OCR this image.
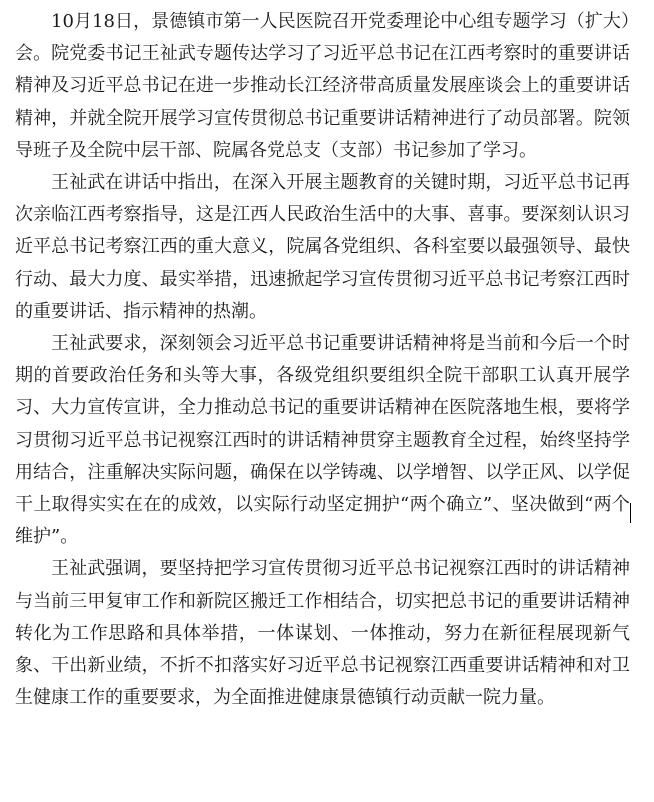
10月18日，景德镇市第一人民医院召开党委理论中心组专题学习（扩大）会。院党委书记王祉武专题传达学习了习近平总书记在江西考察时的重要讲话精神及习近平总书记在进一步推动长江经济带高质量发展座谈会上的重要讲话精神，并就全院开展学习宣传贯彻总书记重要讲话精神进行了动员部署。院领导班子及全院中层干部、院属各党总支（支部）书记参加了学习。

王祉武在讲话中指出，在深入开展主题教育的关键时期，习近平总书记再次亲临江西考察指导，这是江西人民政治生活中的大事、喜事。要深刻认识习近平总书记考察江西的重大意义，院属各党组织、各科室要以最强领导、最快行动、最大力度、最实举措，迅速掀起学习宣传贯彻习近平总书记考察江西时的重要讲话、指示精神的热潮。

王祉武要求，深刻领会习近平总书记重要讲话精神将是当前和今后一个时期的首要政治任务和头等大事，各级党组织要组织全院干部职工认真开展学习、大力宣传宣讲，全力推动总书记的重要讲话精神在医院落地生根，要将学习贯彻习近平总书记视察江西时的讲话精神贯穿主题教育全过程，始终坚持学用结合，注重解决实际问题，确保在以学铸魂、以学增智、以学正风、以学促干上取得实实在在的成效，以实际行动坚定拥护“两个确立”、坚决做到“两个维护”。

王祉武强调，要坚持把学习宣传贯彻习近平总书记视察江西时的讲话精神与当前三甲复审工作和新院区搬迁工作相结合，切实把总书记的重要讲话精神转化为工作思路和具体举措，一体谋划、一体推动，努力在新征程展现新气象、干出新业绩，不折不扣落实好习近平总书记视察江西重要讲话精神和对卫生健康工作的重要要求，为全面推进健康景德镇行动贡献一院力量。
